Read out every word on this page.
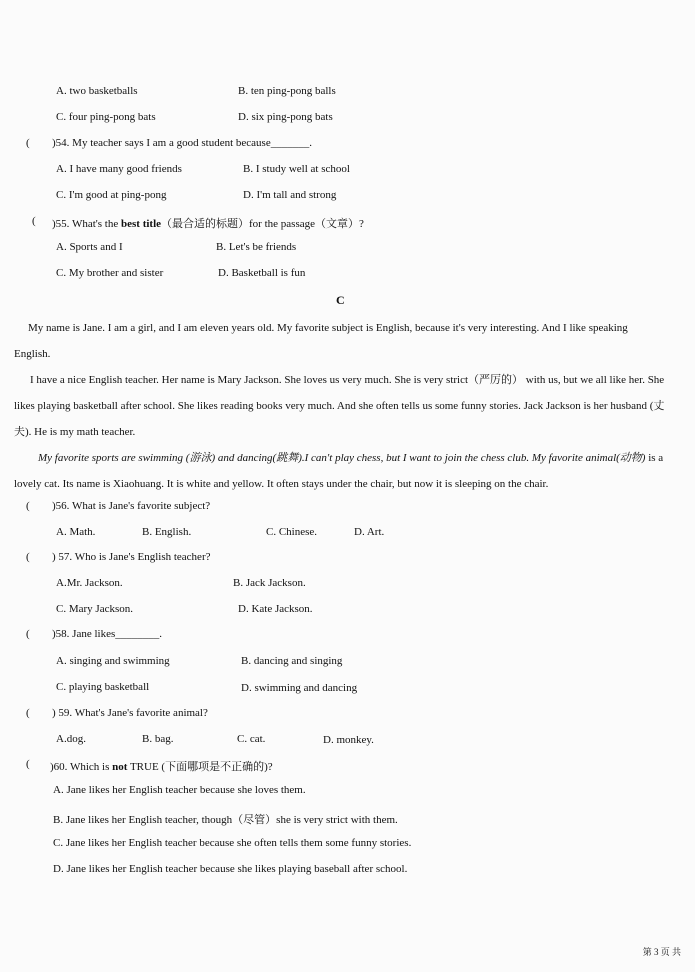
A. two basketballs	B. ten ping-pong balls
C. four ping-pong bats	D. six ping-pong bats
( )54. My teacher says I am a good student because_______.
A. I have many good friends	B. I study well at school
C. I'm good at ping-pong	D. I'm tall and strong
( )55. What's the best title（最合适的标题）for the passage（文章）?
A. Sports and I	B. Let's be friends
C. My brother and sister	D. Basketball is fun
C
My name is Jane. I am a girl, and I am eleven years old. My favorite subject is English, because it's very interesting. And I like speaking English.
I have a nice English teacher. Her name is Mary Jackson. She loves us very much. She is very strict（严厉的） with us, but we all like her. She likes playing basketball after school. She likes reading books very much. And she often tells us some funny stories. Jack Jackson is her husband (丈夫). He is my math teacher.
My favorite sports are swimming (游泳) and dancing(跳舞).I can't play chess, but I want to join the chess club. My favorite animal(动物) is a lovely cat. Its name is Xiaohuang. It is white and yellow. It often stays under the chair, but now it is sleeping on the chair.
( )56. What is Jane's favorite subject?
A. Math.	B. English.	C. Chinese.	D. Art.
( ) 57. Who is Jane's English teacher?
A.Mr. Jackson.	B. Jack Jackson.
C. Mary Jackson.	D. Kate Jackson.
( )58. Jane likes________.
A. singing and swimming	B. dancing and singing
C. playing basketball	D. swimming and dancing
( ) 59. What's Jane's favorite animal?
A.dog.	B. bag.	C. cat.	D. monkey.
( )60. Which is not TRUE (下面哪项是不正确的)?
A. Jane likes her English teacher because she loves them.
B. Jane likes her English teacher, though（尽管）she is very strict with them.
C. Jane likes her English teacher because she often tells them some funny stories.
D. Jane likes her English teacher because she likes playing baseball after school.
第 3 页 共
